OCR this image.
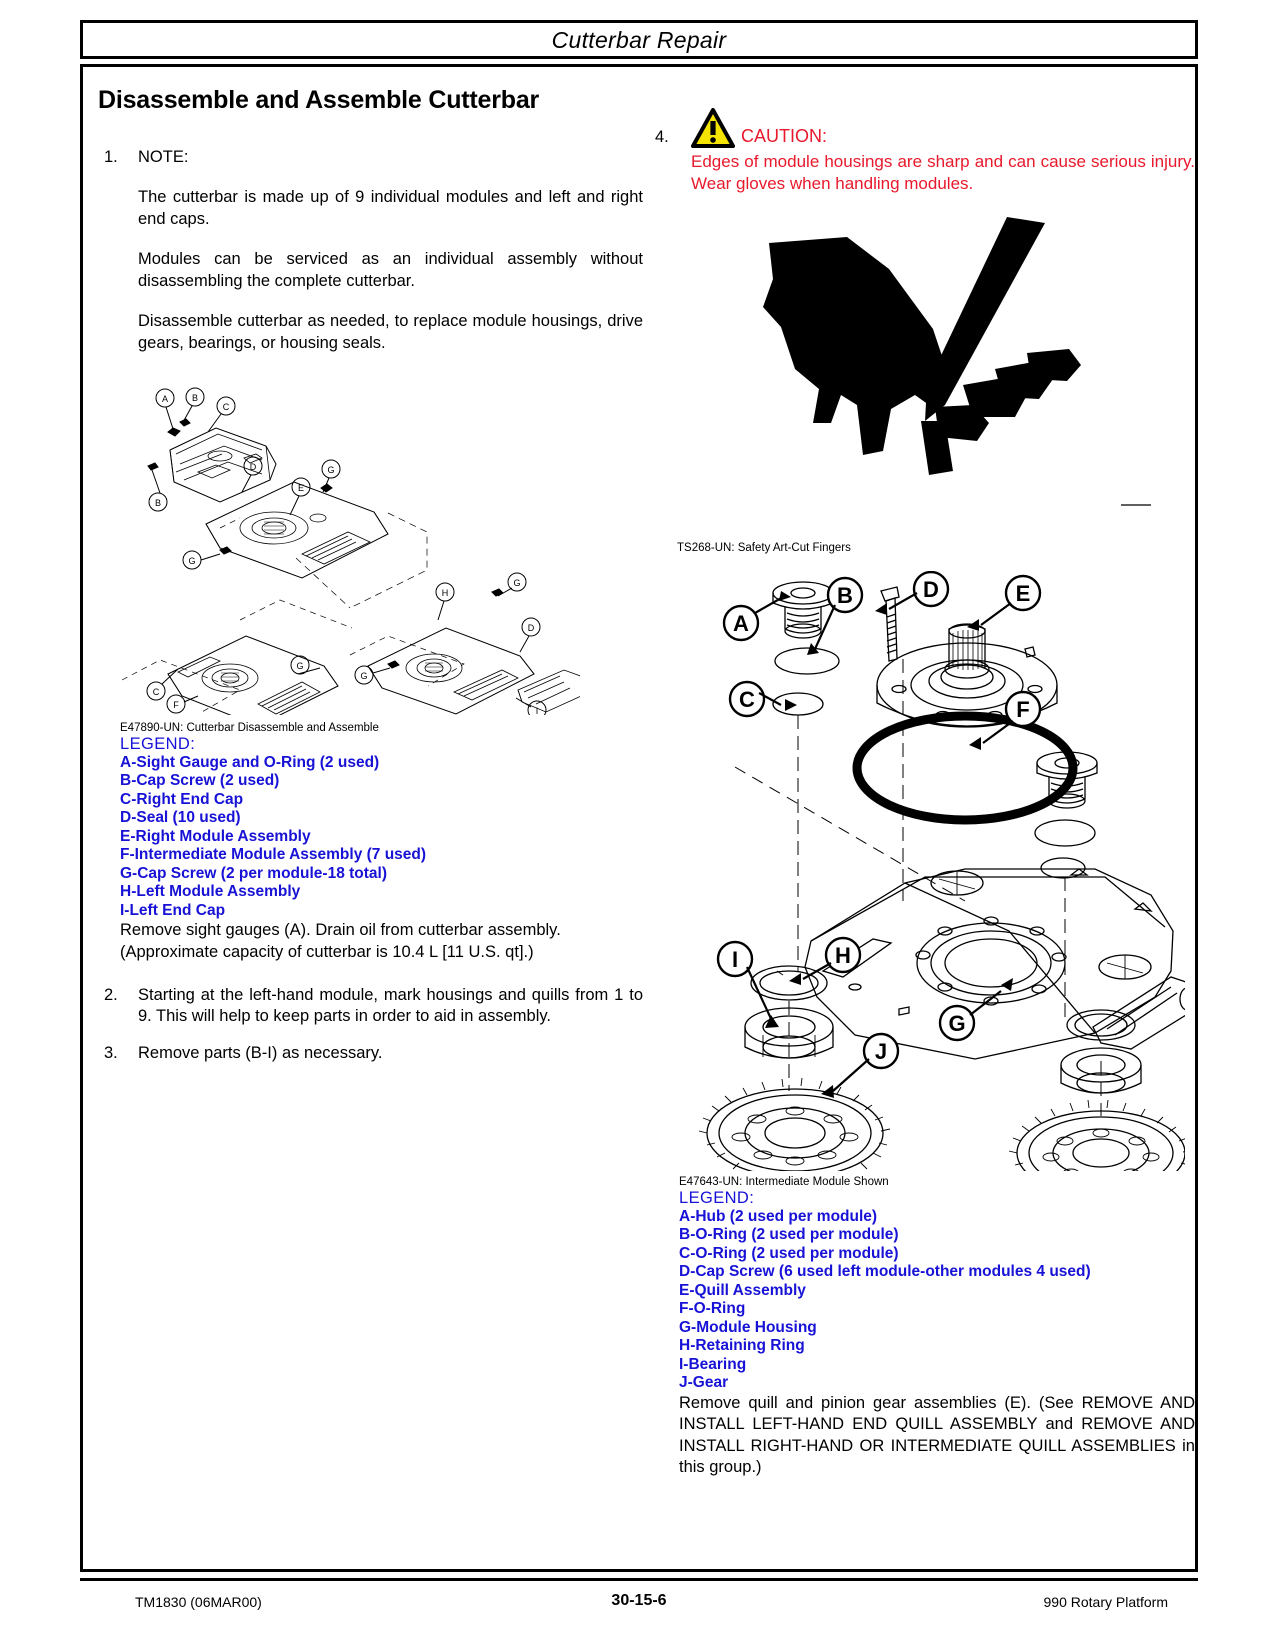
Cutterbar Repair
Disassemble and Assemble Cutterbar
1. NOTE:

The cutterbar is made up of 9 individual modules and left and right end caps.

Modules can be serviced as an individual assembly without disassembling the complete cutterbar.

Disassemble cutterbar as needed, to replace module housings, drive gears, bearings, or housing seals.

A	B
C
B
D
E
G
G
C
F
G
H
G
D
G
I
E47890-UN: Cutterbar Disassemble and Assemble
LEGEND:
A-Sight Gauge and O-Ring (2 used)
B-Cap Screw (2 used)
C-Right End Cap
D-Seal (10 used)
E-Right Module Assembly
F-Intermediate Module Assembly (7 used)
G-Cap Screw (2 per module-18 total)
H-Left Module Assembly
I-Left End Cap
Remove sight gauges (A). Drain oil from cutterbar assembly. (Approximate capacity of cutterbar is 10.4 L [11 U.S. qt].)
2. Starting at the left-hand module, mark housings and quills from 1 to 9. This will help to keep parts in order to aid in assembly.
3. Remove parts (B-I) as necessary.
4.	CAUTION:
Edges of module housings are sharp and can cause serious injury. Wear gloves when handling modules.
TS268-UN: Safety Art-Cut Fingers
A
B	D	E
C	F
H
I
G
J
E47643-UN: Intermediate Module Shown
LEGEND:
A-Hub (2 used per module)
B-O-Ring (2 used per module)
C-O-Ring (2 used per module)
D-Cap Screw (6 used left module-other modules 4 used)
E-Quill Assembly
F-O-Ring
G-Module Housing
H-Retaining Ring
I-Bearing
J-Gear
Remove quill and pinion gear assemblies (E). (See REMOVE AND INSTALL LEFT-HAND END QUILL ASSEMBLY and REMOVE AND INSTALL RIGHT-HAND OR INTERMEDIATE QUILL ASSEMBLIES in this group.)
TM1830 (06MAR00)	30-15-6	990 Rotary Platform
